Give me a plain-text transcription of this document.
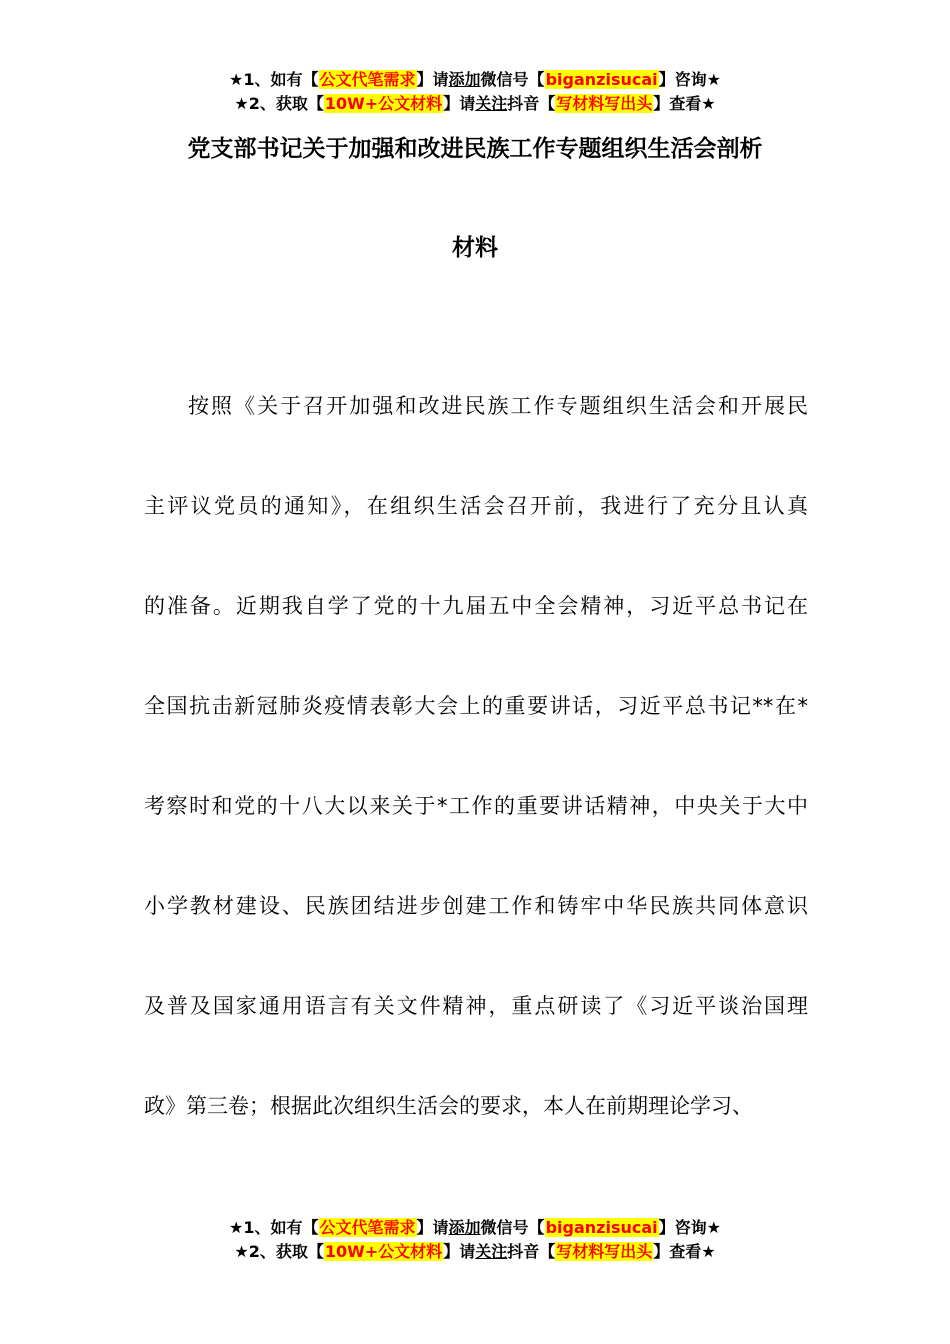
★1、如有【公文代笔需求】请添加微信号【biganzisucai】咨询★
★2、获取【10W+公文材料】请关注抖音【写材料写出头】查看★
党支部书记关于加强和改进民族工作专题组织生活会剖析
材料
按照《关于召开加强和改进民族工作专题组织生活会和开展民
主评议党员的通知》，在组织生活会召开前，我进行了充分且认真
的准备。近期我自学了党的十九届五中全会精神，习近平总书记在
全国抗击新冠肺炎疫情表彰大会上的重要讲话，习近平总书记**在*
考察时和党的十八大以来关于*工作的重要讲话精神，中央关于大中
小学教材建设、民族团结进步创建工作和铸牢中华民族共同体意识
及普及国家通用语言有关文件精神，重点研读了《习近平谈治国理
政》第三卷；根据此次组织生活会的要求，本人在前期理论学习、
★1、如有【公文代笔需求】请添加微信号【biganzisucai】咨询★
★2、获取【10W+公文材料】请关注抖音【写材料写出头】查看★
